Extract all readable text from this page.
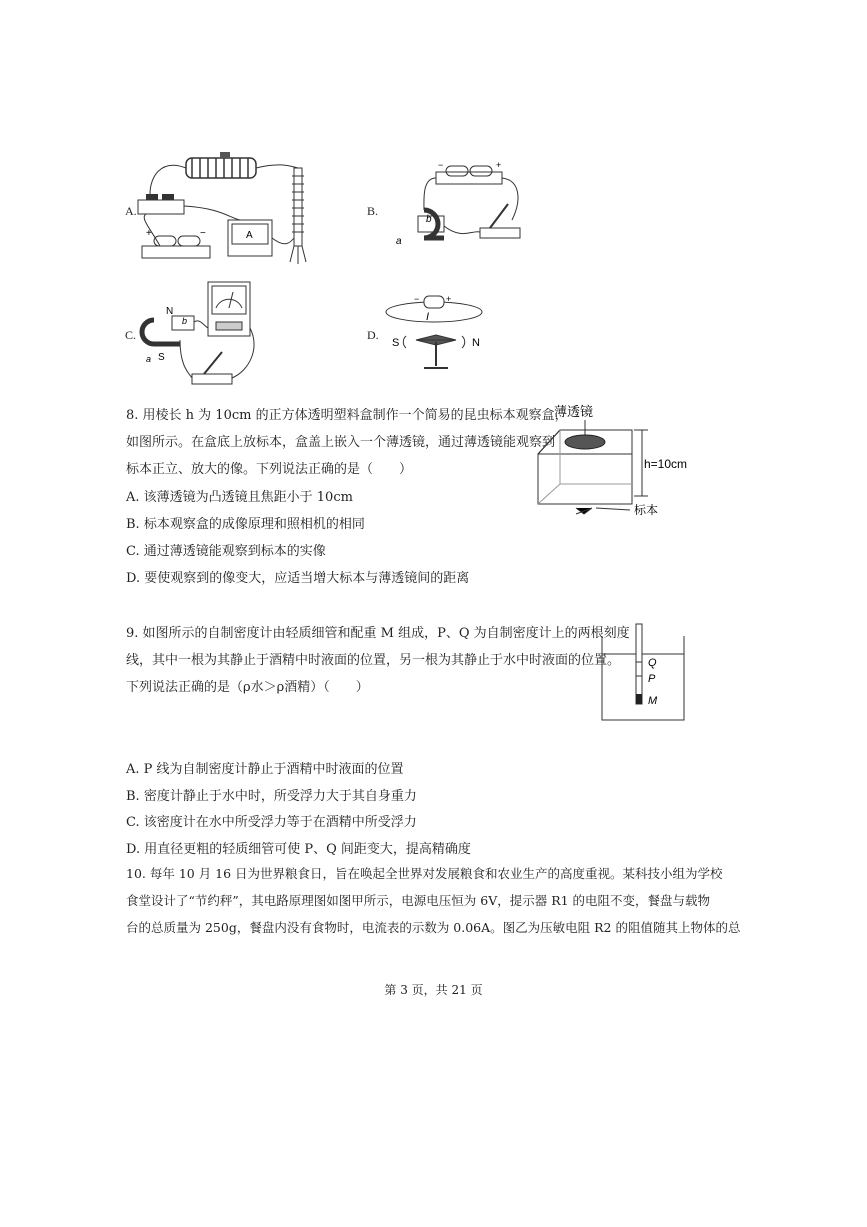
A.
+	−	A
B.
−	+
b
a
C.
N
S
b
a
D.
−	+
I
S	N
8. 用棱长 h 为 10cm 的正方体透明塑料盒制作一个简易的昆虫标本观察盒，
如图所示。在盒底上放标本，盒盖上嵌入一个薄透镜，通过薄透镜能观察到
标本正立、放大的像。下列说法正确的是（　　）
A. 该薄透镜为凸透镜且焦距小于 10cm
B. 标本观察盒的成像原理和照相机的相同
C. 通过薄透镜能观察到标本的实像
D. 要使观察到的像变大，应适当增大标本与薄透镜间的距离
薄透镜
h=10cm
标本
9. 如图所示的自制密度计由轻质细管和配重 M 组成，P、Q 为自制密度计上的两根刻度
线，其中一根为其静止于酒精中时液面的位置，另一根为其静止于水中时液面的位置。
下列说法正确的是（ρ水＞ρ酒精）（　　）
Q
P
M
A. P 线为自制密度计静止于酒精中时液面的位置
B. 密度计静止于水中时，所受浮力大于其自身重力
C. 该密度计在水中所受浮力等于在酒精中所受浮力
D. 用直径更粗的轻质细管可使 P、Q 间距变大，提高精确度
10. 每年 10 月 16 日为世界粮食日，旨在唤起全世界对发展粮食和农业生产的高度重视。某科技小组为学校
食堂设计了“节约秤”，其电路原理图如图甲所示，电源电压恒为 6V，提示器 R1 的电阻不变，餐盘与载物
台的总质量为 250g，餐盘内没有食物时，电流表的示数为 0.06A。图乙为压敏电阻 R2 的阻值随其上物体的总
第 3 页，共 21 页
